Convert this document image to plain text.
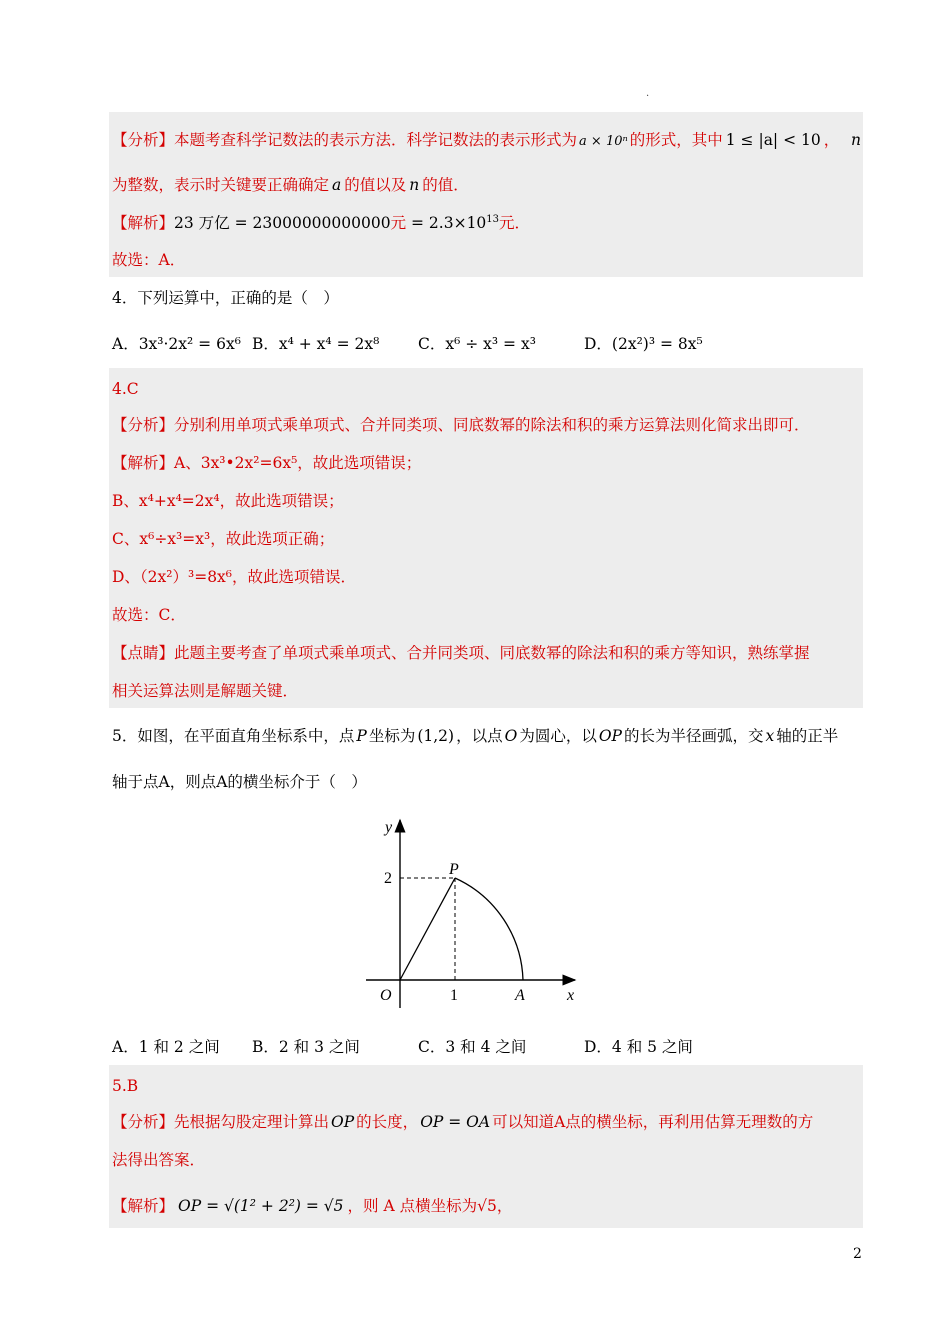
.
【分析】本题考查科学记数法的表示方法．科学记数法的表示形式为 a × 10ⁿ 的形式，其中 1 ≤ |a| < 10 ， n
为整数，表示时关键要正确确定 a 的值以及 n 的值．
【解析】23 万亿 = 23000000000000元 = $2.3\times 10^{13}$元．
故选：A．
4．下列运算中，正确的是（　）
A．3x³·2x² = 6x⁶ B．x⁴ + x⁴ = 2x⁸ C．x⁶ ÷ x³ = x³	D．(2x²)³ = 8x⁵
4.C
【分析】分别利用单项式乘单项式、合并同类项、同底数幂的除法和积的乘方运算法则化简求出即可．
【解析】A、3x³•2x²=6x⁵，故此选项错误；
B、x⁴+x⁴=2x⁴，故此选项错误；
C、x⁶÷x³=x³，故此选项正确；
D、（2x²）³=8x⁶，故此选项错误．
故选：C．
【点睛】此题主要考查了单项式乘单项式、合并同类项、同底数幂的除法和积的乘方等知识，熟练掌握
相关运算法则是解题关键．
5．如图，在平面直角坐标系中，点 P 坐标为 (1,2) ，以点 O 为圆心，以 OP 的长为半径画弧，交 x 轴的正半
轴于点A，则点A的横坐标介于（　）
y
x
O
P
A
1
2
A．1 和 2 之间 B．2 和 3 之间	C．3 和 4 之间	D．4 和 5 之间
5.B
【分析】先根据勾股定理计算出 OP 的长度， OP = OA 可以知道A点的横坐标，再利用估算无理数的方
法得出答案．
【解析】 OP = √(1² + 2²) = √5 ，则 A 点横坐标为√5，
2
